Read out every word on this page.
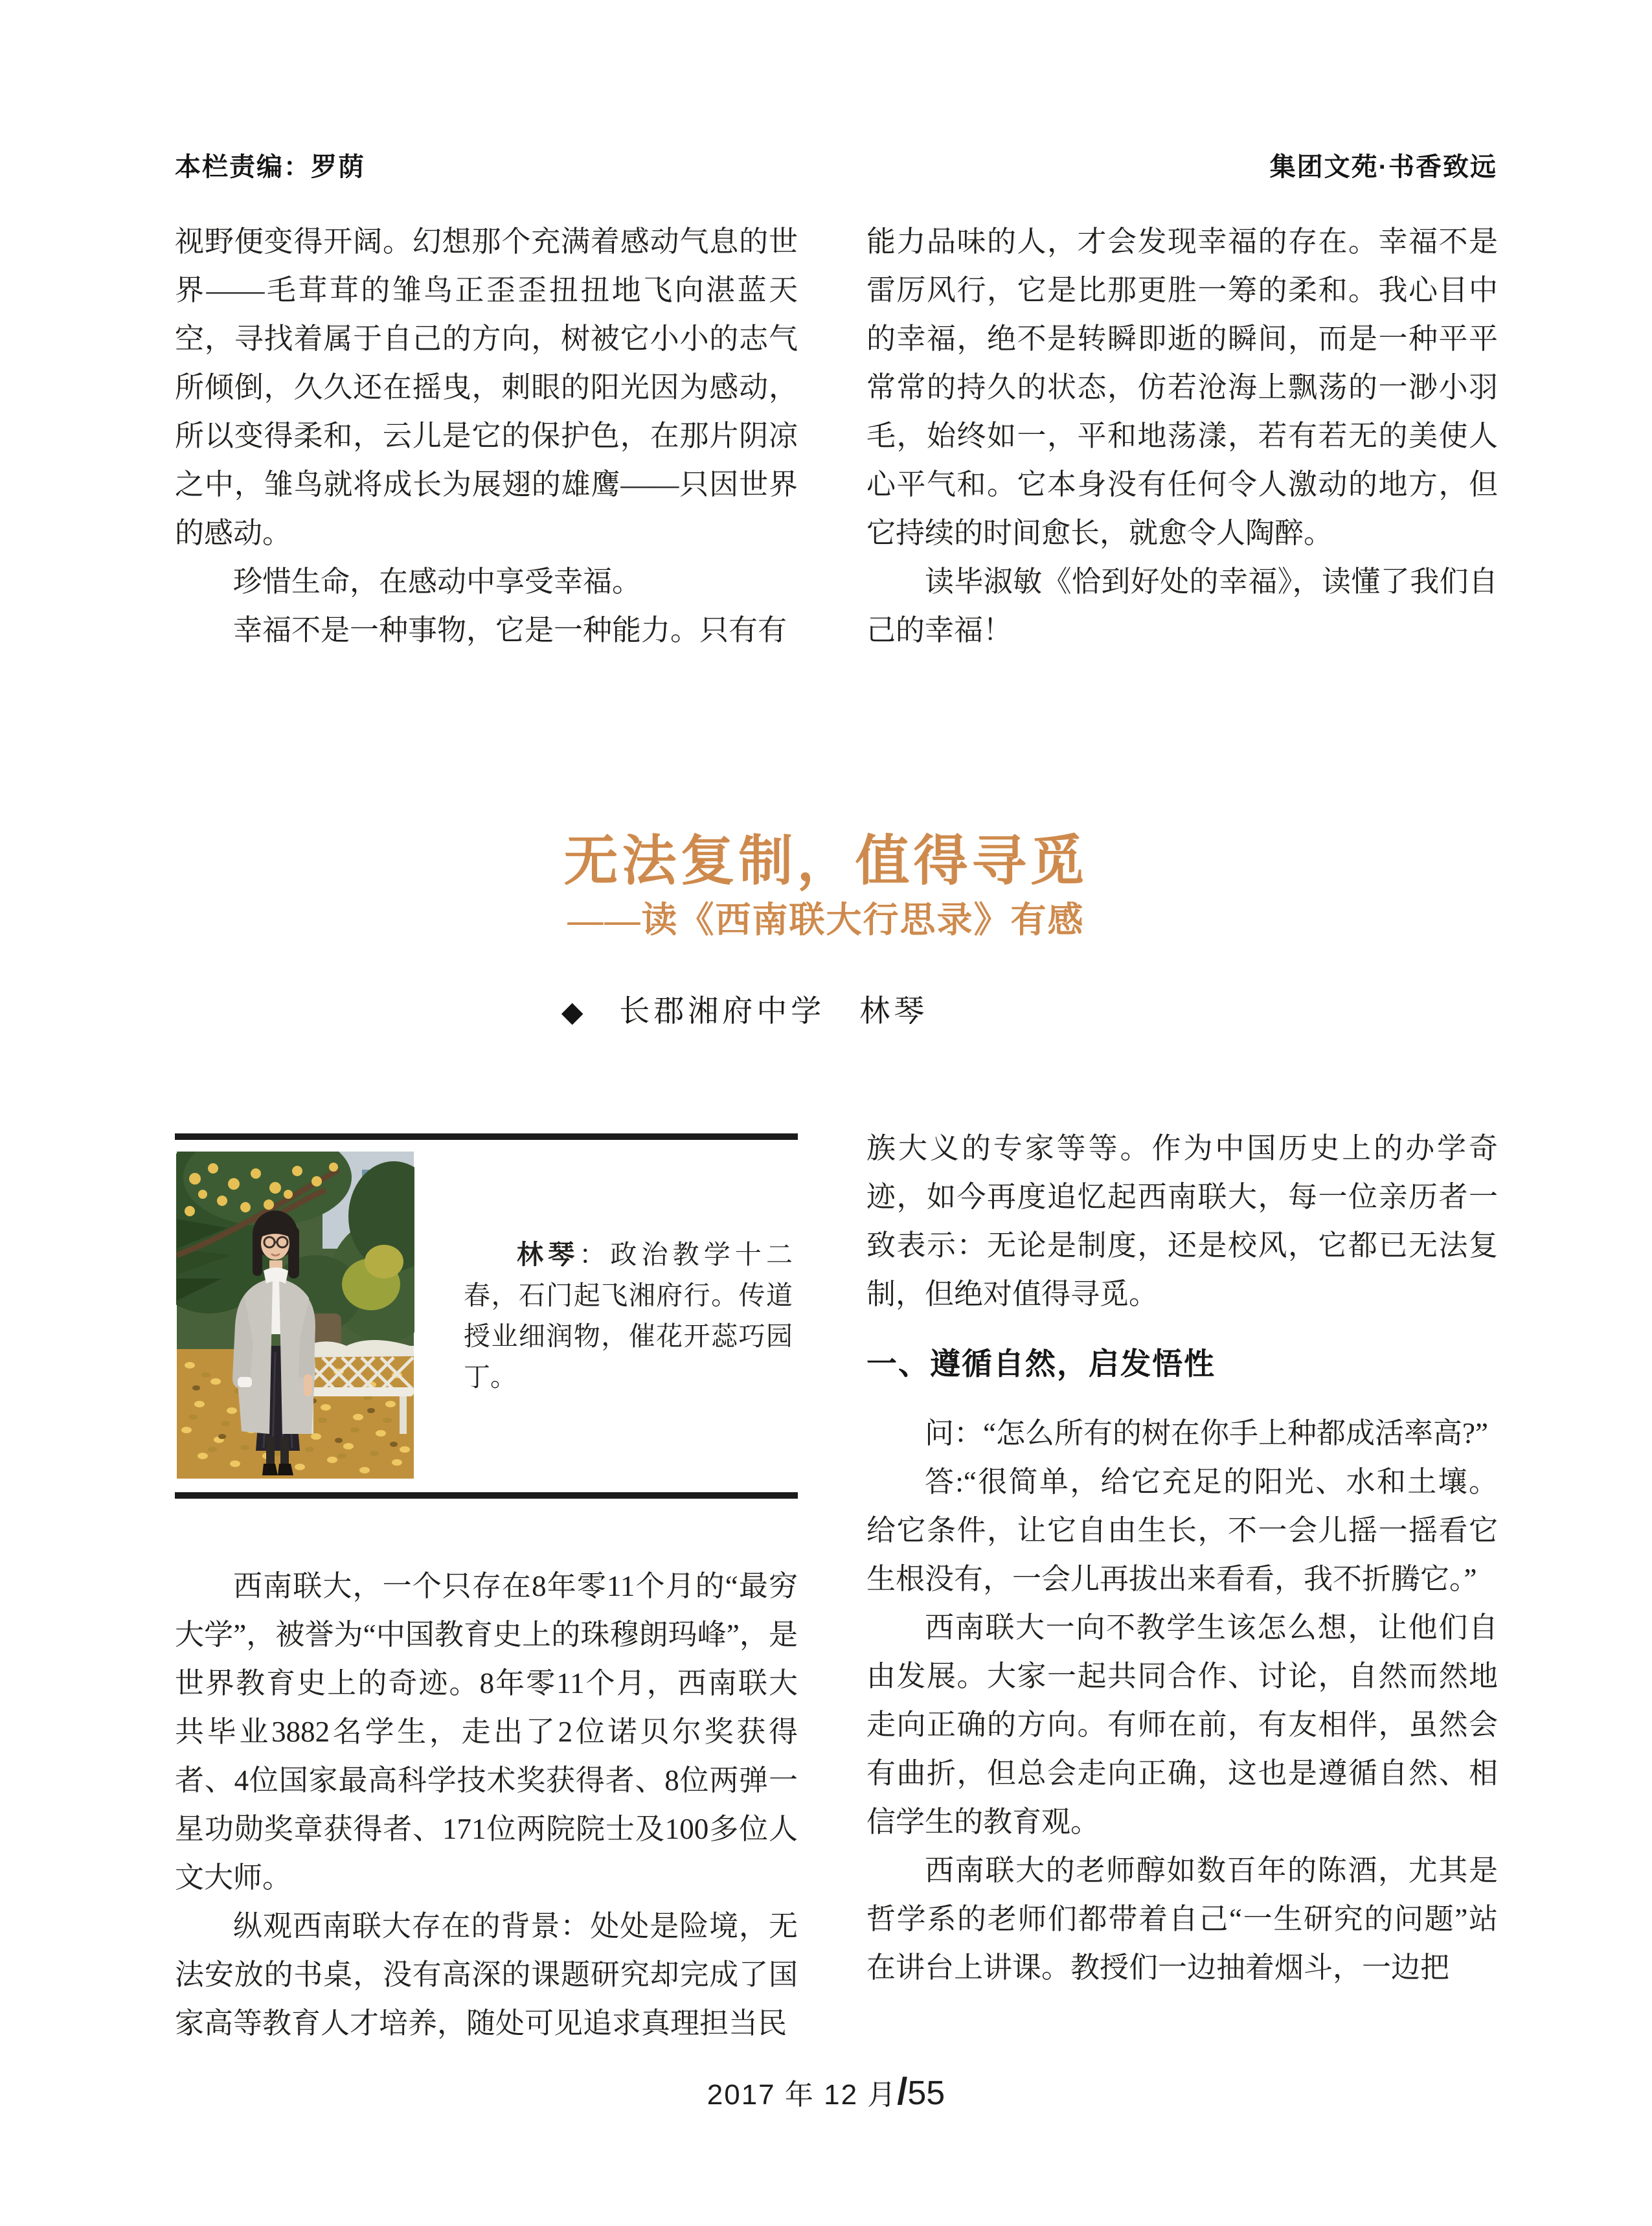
本栏责编：罗荫	集团文苑·书香致远

视野便变得开阔。幻想那个充满着感动气息的世界——毛茸茸的雏鸟正歪歪扭扭地飞向湛蓝天空，寻找着属于自己的方向，树被它小小的志气所倾倒，久久还在摇曳，刺眼的阳光因为感动，所以变得柔和，云儿是它的保护色，在那片阴凉之中，雏鸟就将成长为展翅的雄鹰——只因世界的感动。

珍惜生命，在感动中享受幸福。

幸福不是一种事物，它是一种能力。只有有

能力品味的人，才会发现幸福的存在。幸福不是雷厉风行，它是比那更胜一筹的柔和。我心目中的幸福，绝不是转瞬即逝的瞬间，而是一种平平常常的持久的状态，仿若沧海上飘荡的一渺小羽毛，始终如一，平和地荡漾，若有若无的美使人心平气和。它本身没有任何令人激动的地方，但它持续的时间愈长，就愈令人陶醉。

读毕淑敏《恰到好处的幸福》，读懂了我们自己的幸福！

无法复制，值得寻觅
——读《西南联大行思录》有感
◆ 长郡湘府中学　林琴

林琴：政治教学十二春，石门起飞湘府行。传道授业细润物，催花开蕊巧园丁。

西南联大，一个只存在8年零11个月的“最穷大学”，被誉为“中国教育史上的珠穆朗玛峰”，是世界教育史上的奇迹。8年零11个月，西南联大共毕业3882名学生，走出了2位诺贝尔奖获得者、4位国家最高科学技术奖获得者、8位两弹一星功勋奖章获得者、171位两院院士及100多位人文大师。

纵观西南联大存在的背景：处处是险境，无法安放的书桌，没有高深的课题研究却完成了国家高等教育人才培养，随处可见追求真理担当民

族大义的专家等等。作为中国历史上的办学奇迹，如今再度追忆起西南联大，每一位亲历者一致表示：无论是制度，还是校风，它都已无法复制，但绝对值得寻觅。

一、遵循自然，启发悟性

问：“怎么所有的树在你手上种都成活率高?”

答:“很简单，给它充足的阳光、水和土壤。给它条件，让它自由生长，不一会儿摇一摇看它生根没有，一会儿再拔出来看看，我不折腾它。”

西南联大一向不教学生该怎么想，让他们自由发展。大家一起共同合作、讨论，自然而然地走向正确的方向。有师在前，有友相伴，虽然会有曲折，但总会走向正确，这也是遵循自然、相信学生的教育观。

西南联大的老师醇如数百年的陈酒，尤其是哲学系的老师们都带着自己“一生研究的问题”站在讲台上讲课。教授们一边抽着烟斗，一边把

2017 年 12 月/55
